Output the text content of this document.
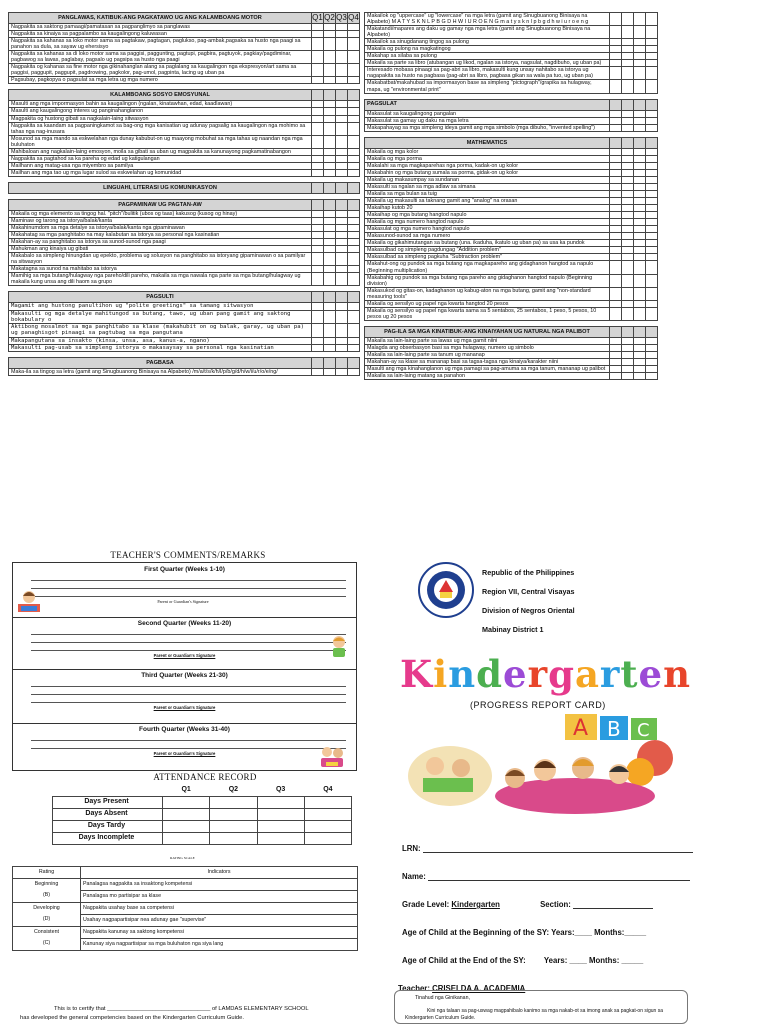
PANGLAWAS, KATIBUK-ANG PAGKATAWO UG ANG KALAMBOANG MOTOR	Q1	Q2	Q3	Q4
Nagpakita sa saktong pamaagi/pamatasan sa pagpanglimyo sa panglawas				
Nagpakita sa kinaiya sa pagpalambo sa kaugalingong kaluwasan				
Nagpakita sa kahanas sa loko motor sama sa pagtakaw, pagtagan, paglukso, pag-ambak,pagsaka sa husto nga paagi sa panahon sa dula, sa sayaw ug ehersisyo				
Nagpakita sa kahanas sa di loko motor sama sa paggisi, paggunting, pagtupi, pagbira, pagtuyok, pagkiay/pagdiminar, pagbawog sa lawas, paglabay, pagsalo ug pagsipa sa husto nga paagi				
Nagpakita og kahanas sa fine motor nga gikinahanglan alang sa paglalang sa kaugalingon nga ekspresyon/art sama sa paggisi, paggupit, paggupit, pagdrowing, pagkolor, pag-umol, pagpinta, lacing ug uban pa				
Pagsubay, pagkopya o pagsulat sa mga letra ug mga numero				

KALAMBOANG SOSYO EMOSYUNAL				
Masulti ang mga impormasyon bahin sa kaugalingon (ngalan, kinatawhan, edad, kaadlawan)				
Masulti ang kaugalingong interes ug panginahanglanon				
Magpakita og hustong gibati sa nagkalain-laing sitwasyon				
Nagpakita sa kaandam sa pagpaningkamot sa bag-ong mga kanisatian ug adunay pagsalig sa kaugalingon nga mohimo sa tahas nga nag-inusara				
Mosunod sa mga mando sa eskwelahan nga dunay kabubut-on ug maayong mobuhat sa mga tahas ug naandan nga mga buluhaton				
Mahibaloan ang nagkalain-laing emosyon, moila sa gibati sa uban ug magpakita sa kanunayong pagkamatinabangon				
Nagpakita sa pagtahod sa ka pareha og edad ug katigulangan				
Mailhann ang matag-usa nga miyembro sa pamilya				
Mailhan ang mga tao ug mga lugar sulod sa eskwelahan ug komunidad				

LINGUAHI, LITERASI UG KOMUNIKASYON				

PAGPAMINAW UG PAGTAN-AW				
Makaila og mga elemento sa tingog hal. "pitch"/bulitik (ubos og taas) kakusog (kusog og hinay)				
Maminaw og tarong sa istorya/balak/kanta				
Makahinumdom sa mga detalye sa istorya/balak/kanta nga gipaminawan				
Makahatag sa mga panghitabo na may kalabutan sa istorya sa personal nga kasinatian				
Makahan-ay sa panghitabo sa istorya sa sunod-sunod nga paagi				
Mahukman ang kinaiya ug gibati				
Makabalo sa simpleng hinungdan ug epekto, problema ug solusyon na panghitabo sa istoryang gipaminawan o sa pamilyar na sitwasyon				
Makatagna sa sunod na mahitabo sa istorya				
Mamihig sa mga butang/hulagway nga pareho/dili pareho, makaila sa mga nawala nga parte sa mga butang/hulagway ug makaila kung unsa ang dili haom sa grupo				

PAGSULTI				
Magamit ang hustong panultihon ug "polite greetings" sa tamang sitwasyon				
Makasulti og mga detalye mahitungod sa butang, tawo, ug uban pang gamit ang saktong bokabulary o				
Aktibong mosalmot sa mga panghitabo sa klase (makahubit on og balak, garay, ug uban pa) ug panaghisgot pinaagi sa pagtubag sa mga pangutana				
Makapangutana sa insakto (kinsa, unsa, asa, kanus-a, ngano)				
Makasulti pag-usab sa simpleng istorya o makasaysay sa personal nga kasinatian				

PAGBASA				
Maka-ila sa tingog sa letra (gamit ang Sinugbuanong Binisaya na Alpabeto) /m/a/t/s/k/h/l/p/b/g/d/h/w/i/u/r/o/e/ng/				
Makailok og "uppercase" ug "lowercase" na mga letra (gamit ang Sinugbuanong Binisaya na Alpabeto) M A T Y S K N L P B G D H W I U R O E N G m a t y s k n l p b g d h w i u r o e n g				
Makatandi/mapares ang daku ug gamay nga mga letra (gamit ang Sinugbuanong Binisaya na Alpabeto)				
Makailok sa sinugdanang tingog sa pulong				
Makaila og pulong na magkatingog				
Makahap sa silaba sa pulong				
Makaila sa parte sa libro (atubangan ug likod, ngalan sa istorya, nagsulat, nagdibuho, ug uban pa)				
Interesado mobasa pinaagi sa pag-abri sa libro, makasulti kung unsay nahitabo sa istorya ug nagapakita sa husto na pagbasa (pag-abri sa libro, pagbasa gikan sa wala pa tuo, ug uban pa)				
Makabatbat/makahubad sa impormasyon base sa simpleng "pictograph"/grapika sa hulagway, mapa, ug "environmental print"				

PAGSULAT				
Makasulat sa kaugalingong pangalan				
Makasulat sa gamay ug daku na mga letra				
Makapahayag sa mga simpleng ideya gamit ang mga simbolo (mga dibuho, "invented spelling")				

MATHEMATICS				
Makaila og mga kolor				
Makaila og mga porma				
Makalahi sa mga magkaparehas nga porma, kadak-on ug kolor				
Makabahin og mga butang sumala sa porma, gidak-on ug kolor				
Makaila ug makasumpay sa sundanan				
Makasulti sa ngalan sa mga adlaw sa simana				
Makaila sa mga bulan sa tuig				
Makaila ug makasulti sa taknang gamit ang "analog" na orasan				
Makaihap kutob 20				
Makaihap og mga butang hangtod napulo				
Makaila og mga numero hangtod napulo				
Makasulat og mga numero hangtod napulo				
Makasunod-sunod sa mga numero				
Makaila og gikahimutangan sa butang (una. ikaduha, ikatulo ug uban pa) sa usa ka pundok				
Makasulbad og simpleng pagdungag "Addition problem"				
Makasulbad sa simpleng pagkuha "Subtraction problem"				
Makahut-ong og pundok sa mga butang nga magkapareho ang gidaghanon hangtod sa napulo (Beginning multiplication)				
Makabahig og pundok sa mga butang nga pareho ang gidaghanon hangtod napulo (Beginning division)				
Makasukod og gitas-on, kadaghanon ug kabug-aton na mga butang, gamit ang "non-standard measuring tools"				
Makaila og sensilyo ug papel nga kwarta hangtod 20 pesos				
Makaila og sensilyo ug papel nga kwarta sama sa 5 sentabos, 25 sentabos, 1 peso, 5 pesos, 10 pesos ug 20 pesos				

PAG-ILA SA MGA KINATIBUK-ANG KINAIYAHAN UG NATURAL NGA PALIBOT				
Makaila sa lain-laing parte sa lawas ug mga gamit niini				
Malagda ang obserbasyon basi sa mga hulagway, numero ug simbolo				
Makaila sa lain-laing parte sa tanum ug mananap				
Makahan-ay sa klase sa mananap basi sa tagsa-tagsa nga kinaiya/karakter niini				
Masulti ang mga kinahanglanon ug mga pamagi sa pag-amuma sa mga tanum, mananap ug palibot				
Makaila sa lain-laing matang sa panahon				
TEACHER'S COMMENTS/REMARKS
First Quarter (Weeks 1-10)
Parent or Guardian's Signature
Second Quarter (Weeks 11-20)
Parent or Guardian's Signature
Third Quarter (Weeks 21-30)
Parent or Guardian's Signature
Fourth Quarter (Weeks 31-40)
Parent or Guardian's Signature
ATTENDANCE RECORD
	Q1	Q2	Q3	Q4
Days Present				
Days Absent				
Days Tardy				
Days Incomplete				
RATING SCALE
Rating	Indicators
Beginning	Panalagsa nagpakita sa insaktong kompetensi
(B)	Panalagsa mo partisipar sa klase
Developing	Nagpakita usahay base sa competensi
(D)	Usahay nagpapartisipar nea adunay gae "supervise"
Consistent	Nagpakita kanunay sa saktong kompetensi
(C)	Kanunay siya nagpartisipar sa mga buluhaton nga siya lang
This is to certify that ________________________________ of LAMDAS ELEMENTARY SCHOOL
has developed the general competencies based on the Kindergarten Curriculum Guide.
Republic of the Philippines
Region VII, Central Visayas
Division of Negros Oriental
Mabinay District 1
Kindergarten
(PROGRESS REPORT CARD)
A B C
LRN:
Name:
Grade Level: Kindergarten	Section:
Age of Child at the Beginning of the SY: Years:____ Months:_____
Age of Child at the End of the SY: Years: ____ Months: _____
Teacher: CRISELDA A. ACADEMIA
Tinahud nga Ginikanan,
Kini nga talaan sa pag-uswag magpahibalo kanimo sa mga nakab-ot sa imong anak sa pagkat-on sigun sa Kindergarten Curriculum Guide.
